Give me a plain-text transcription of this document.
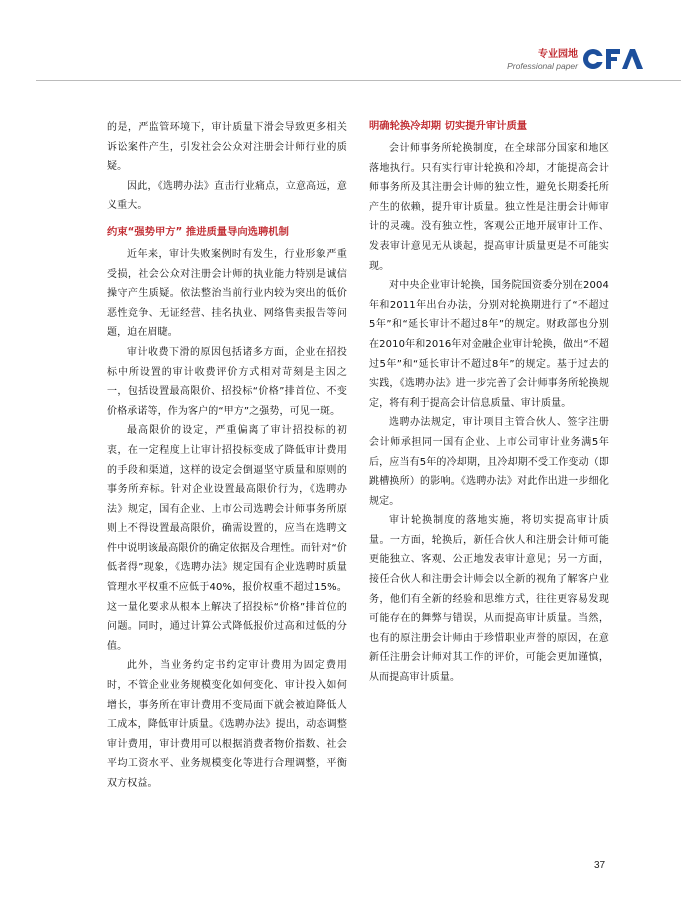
专业园地
Professional paper

的是，严监管环境下，审计质量下滑会导致更多相关诉讼案件产生，引发社会公众对注册会计师行业的质疑。

因此，《选聘办法》直击行业痛点，立意高远，意义重大。

约束“强势甲方” 推进质量导向选聘机制

近年来，审计失败案例时有发生，行业形象严重受损，社会公众对注册会计师的执业能力特别是诚信操守产生质疑。依法整治当前行业内较为突出的低价恶性竞争、无证经营、挂名执业、网络售卖报告等问题，迫在眉睫。

审计收费下滑的原因包括诸多方面，企业在招投标中所设置的审计收费评价方式相对苛刻是主因之一，包括设置最高限价、招投标“价格”排首位、不变价格承诺等，作为客户的“甲方”之强势，可见一斑。

最高限价的设定，严重偏离了审计招投标的初衷，在一定程度上让审计招投标变成了降低审计费用的手段和渠道，这样的设定会倒逼坚守质量和原则的事务所弃标。针对企业设置最高限价行为，《选聘办法》规定，国有企业、上市公司选聘会计师事务所原则上不得设置最高限价，确需设置的，应当在选聘文件中说明该最高限价的确定依据及合理性。而针对“价低者得”现象，《选聘办法》规定国有企业选聘时质量管理水平权重不应低于40%，报价权重不超过15%。这一量化要求从根本上解决了招投标“价格”排首位的问题。同时，通过计算公式降低报价过高和过低的分值。

此外，当业务约定书约定审计费用为固定费用时，不管企业业务规模变化如何变化、审计投入如何增长，事务所在审计费用不变局面下就会被迫降低人工成本，降低审计质量。《选聘办法》提出，动态调整审计费用，审计费用可以根据消费者物价指数、社会平均工资水平、业务规模变化等进行合理调整，平衡双方权益。

明确轮换冷却期 切实提升审计质量

会计师事务所轮换制度，在全球部分国家和地区落地执行。只有实行审计轮换和冷却，才能提高会计师事务所及其注册会计师的独立性，避免长期委托所产生的依赖，提升审计质量。独立性是注册会计师审计的灵魂。没有独立性，客观公正地开展审计工作、发表审计意见无从谈起，提高审计质量更是不可能实现。

对中央企业审计轮换，国务院国资委分别在2004年和2011年出台办法，分别对轮换期进行了“不超过5年”和“延长审计不超过8年”的规定。财政部也分别在2010年和2016年对金融企业审计轮换，做出“不超过5年”和“延长审计不超过8年”的规定。基于过去的实践，《选聘办法》进一步完善了会计师事务所轮换规定，将有利于提高会计信息质量、审计质量。

选聘办法规定，审计项目主管合伙人、签字注册会计师承担同一国有企业、上市公司审计业务满5年后，应当有5年的冷却期，且冷却期不受工作变动（即跳槽换所）的影响。《选聘办法》对此作出进一步细化规定。

审计轮换制度的落地实施，将切实提高审计质量。一方面，轮换后，新任合伙人和注册会计师可能更能独立、客观、公正地发表审计意见；另一方面，接任合伙人和注册会计师会以全新的视角了解客户业务，他们有全新的经验和思维方式，往往更容易发现可能存在的舞弊与错误，从而提高审计质量。当然，也有的原注册会计师由于珍惜职业声誉的原因，在意新任注册会计师对其工作的评价，可能会更加谨慎，从而提高审计质量。

37
